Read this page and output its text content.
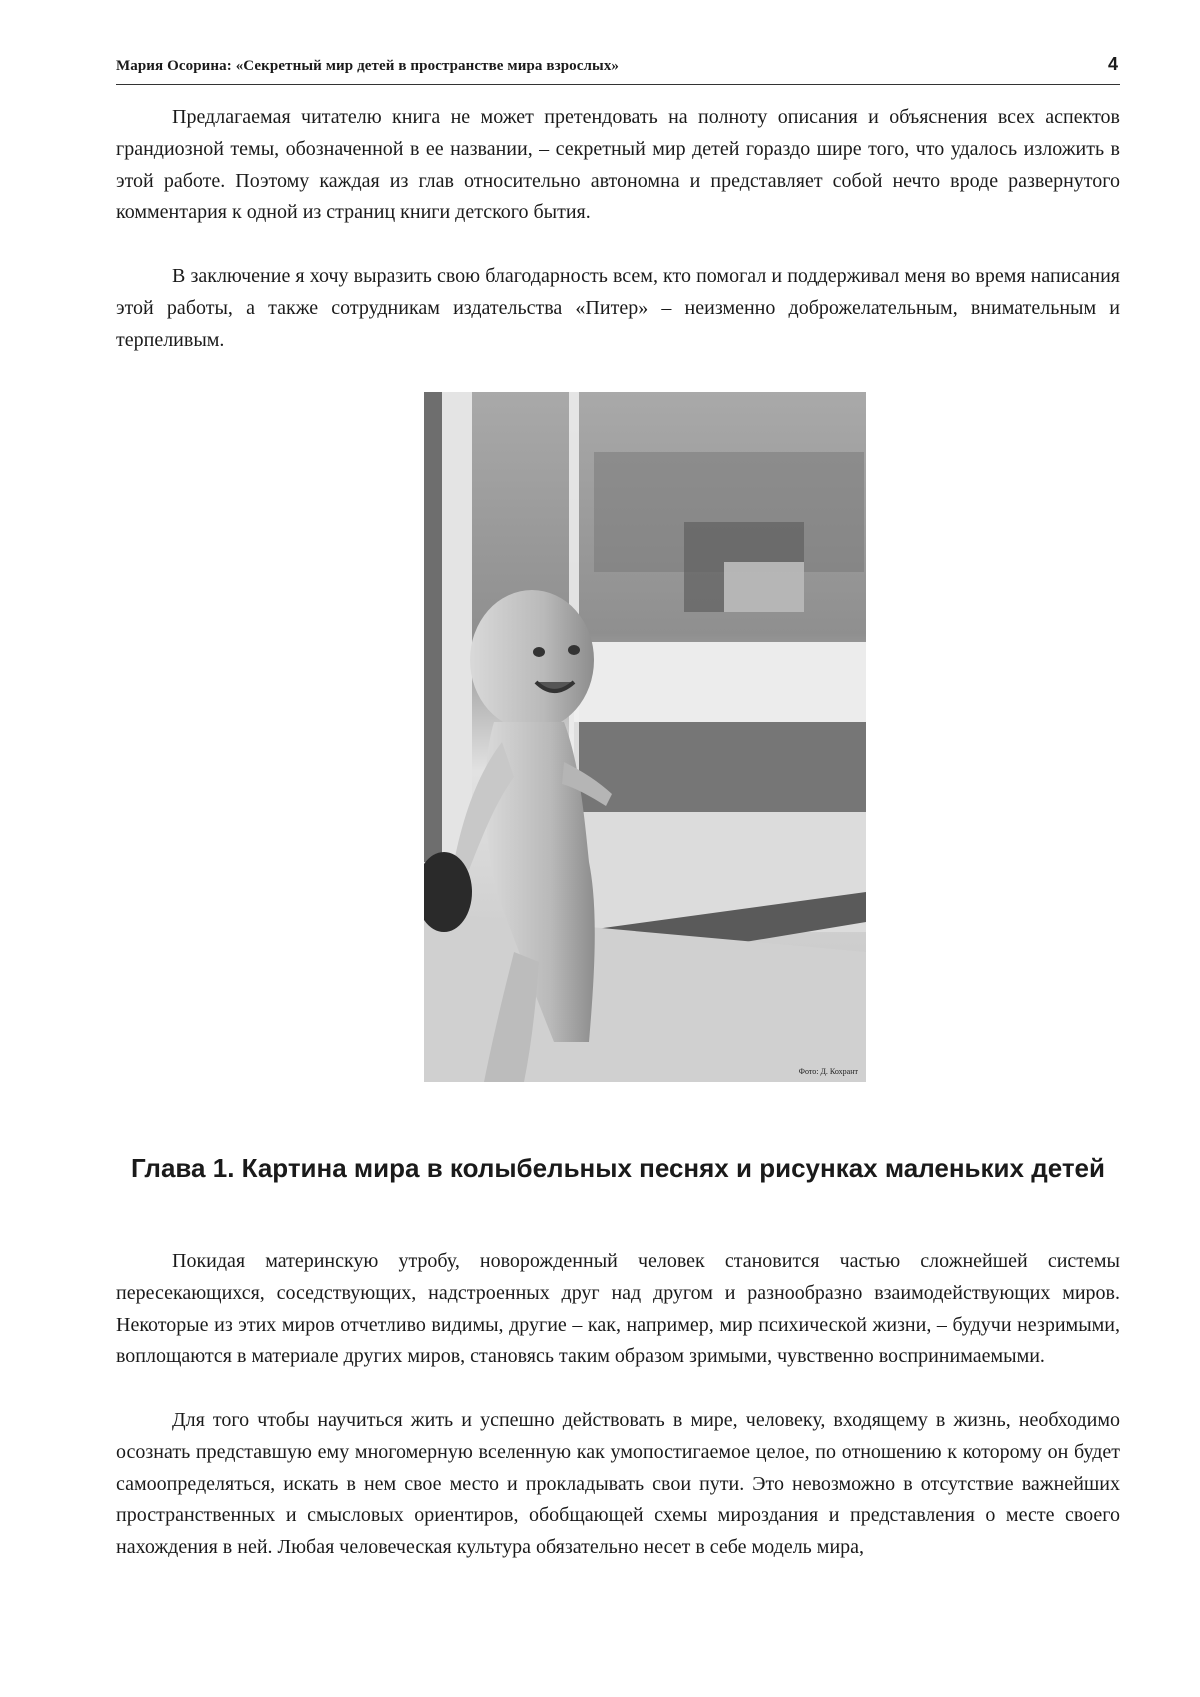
Мария Осорина: «Секретный мир детей в пространстве мира взрослых»	4

Предлагаемая читателю книга не может претендовать на полноту описания и объяснения всех аспектов грандиозной темы, обозначенной в ее названии, – секретный мир детей гораздо шире того, что удалось изложить в этой работе. Поэтому каждая из глав относительно автономна и представляет собой нечто вроде развернутого комментария к одной из страниц книги детского бытия.

В заключение я хочу выразить свою благодарность всем, кто помогал и поддерживал меня во время написания этой работы, а также сотрудникам издательства «Питер» – неизменно доброжелательным, внимательным и терпеливым.

Фото: Д. Кохрант
Глава 1. Картина мира в колыбельных песнях и рисунках маленьких детей

Покидая материнскую утробу, новорожденный человек становится частью сложнейшей системы пересекающихся, соседствующих, надстроенных друг над другом и разнообразно взаимодействующих миров. Некоторые из этих миров отчетливо видимы, другие – как, например, мир психической жизни, – будучи незримыми, воплощаются в материале других миров, становясь таким образом зримыми, чувственно воспринимаемыми.

Для того чтобы научиться жить и успешно действовать в мире, человеку, входящему в жизнь, необходимо осознать представшую ему многомерную вселенную как умопостигаемое целое, по отношению к которому он будет самоопределяться, искать в нем свое место и прокладывать свои пути. Это невозможно в отсутствие важнейших пространственных и смысловых ориентиров, обобщающей схемы мироздания и представления о месте своего нахождения в ней. Любая человеческая культура обязательно несет в себе модель мира,
